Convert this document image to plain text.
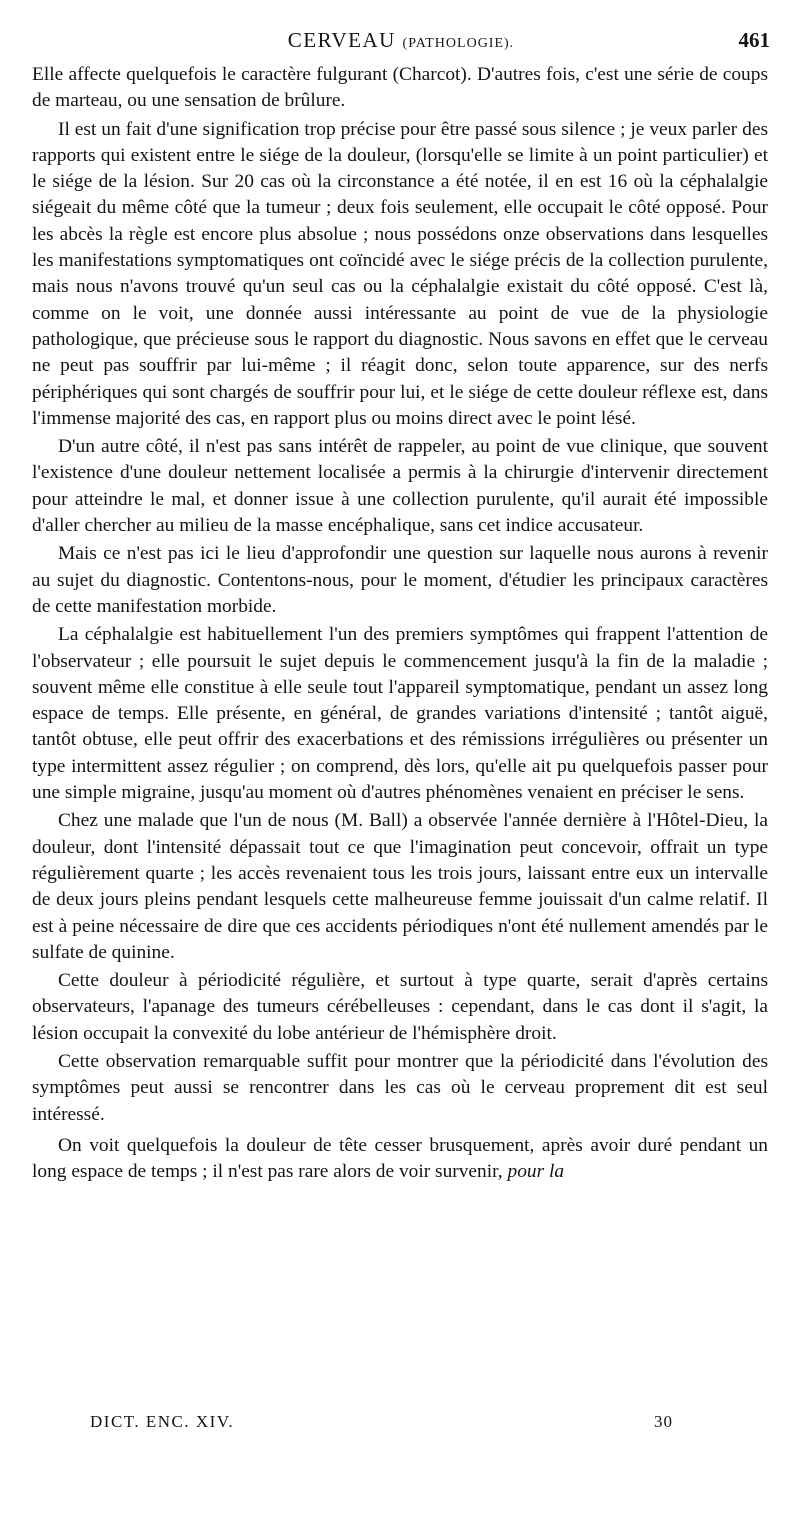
CERVEAU (PATHOLOGIE).	461

Elle affecte quelquefois le caractère fulgurant (Charcot). D'autres fois, c'est une série de coups de marteau, ou une sensation de brûlure.

Il est un fait d'une signification trop précise pour être passé sous silence ; je veux parler des rapports qui existent entre le siége de la douleur, (lorsqu'elle se limite à un point particulier) et le siége de la lésion. Sur 20 cas où la circonstance a été notée, il en est 16 où la céphalalgie siégeait du même côté que la tumeur ; deux fois seulement, elle occupait le côté opposé. Pour les abcès la règle est encore plus absolue ; nous possédons onze observations dans lesquelles les manifestations symptomatiques ont coïncidé avec le siége précis de la collection purulente, mais nous n'avons trouvé qu'un seul cas ou la céphalalgie existait du côté opposé. C'est là, comme on le voit, une donnée aussi intéressante au point de vue de la physiologie pathologique, que précieuse sous le rapport du diagnostic. Nous savons en effet que le cerveau ne peut pas souffrir par lui-même ; il réagit donc, selon toute apparence, sur des nerfs périphériques qui sont chargés de souffrir pour lui, et le siége de cette douleur réflexe est, dans l'immense majorité des cas, en rapport plus ou moins direct avec le point lésé.

D'un autre côté, il n'est pas sans intérêt de rappeler, au point de vue clinique, que souvent l'existence d'une douleur nettement localisée a permis à la chirurgie d'intervenir directement pour atteindre le mal, et donner issue à une collection purulente, qu'il aurait été impossible d'aller chercher au milieu de la masse encéphalique, sans cet indice accusateur.

Mais ce n'est pas ici le lieu d'approfondir une question sur laquelle nous aurons à revenir au sujet du diagnostic. Contentons-nous, pour le moment, d'étudier les principaux caractères de cette manifestation morbide.

La céphalalgie est habituellement l'un des premiers symptômes qui frappent l'attention de l'observateur ; elle poursuit le sujet depuis le commencement jusqu'à la fin de la maladie ; souvent même elle constitue à elle seule tout l'appareil symptomatique, pendant un assez long espace de temps. Elle présente, en général, de grandes variations d'intensité ; tantôt aiguë, tantôt obtuse, elle peut offrir des exacerbations et des rémissions irrégulières ou présenter un type intermittent assez régulier ; on comprend, dès lors, qu'elle ait pu quelquefois passer pour une simple migraine, jusqu'au moment où d'autres phénomènes venaient en préciser le sens.

Chez une malade que l'un de nous (M. Ball) a observée l'année dernière à l'Hôtel-Dieu, la douleur, dont l'intensité dépassait tout ce que l'imagination peut concevoir, offrait un type régulièrement quarte ; les accès revenaient tous les trois jours, laissant entre eux un intervalle de deux jours pleins pendant lesquels cette malheureuse femme jouissait d'un calme relatif. Il est à peine nécessaire de dire que ces accidents périodiques n'ont été nullement amendés par le sulfate de quinine.

Cette douleur à périodicité régulière, et surtout à type quarte, serait d'après certains observateurs, l'apanage des tumeurs cérébelleuses : cependant, dans le cas dont il s'agit, la lésion occupait la convexité du lobe antérieur de l'hémisphère droit.

Cette observation remarquable suffit pour montrer que la périodicité dans l'évolution des symptômes peut aussi se rencontrer dans les cas où le cerveau proprement dit est seul intéressé.

On voit quelquefois la douleur de tête cesser brusquement, après avoir duré pendant un long espace de temps ; il n'est pas rare alors de voir survenir, pour la

DICT. ENC. XIV.	30
